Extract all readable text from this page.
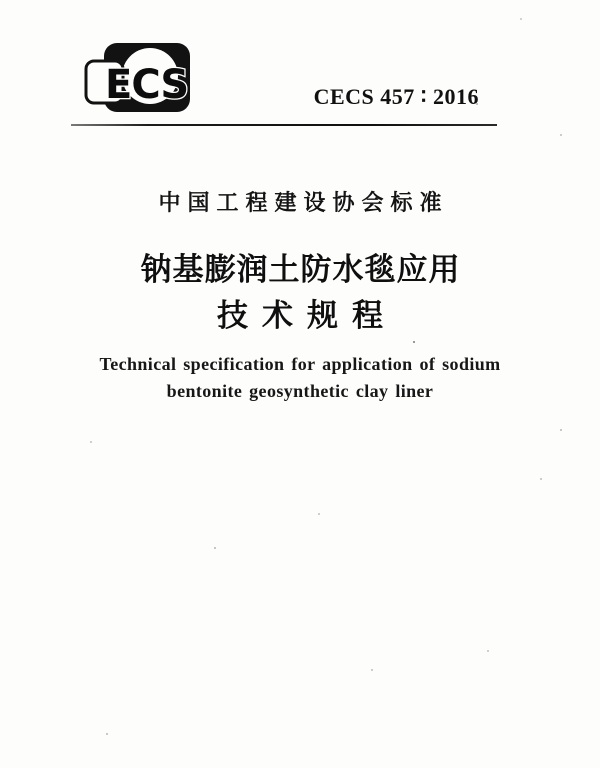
ECS	CECS 457 ∶ 2016
中国工程建设协会标准
钠基膨润土防水毯应用
技术规程
Technical specification for application of sodium
bentonite geosynthetic clay liner
